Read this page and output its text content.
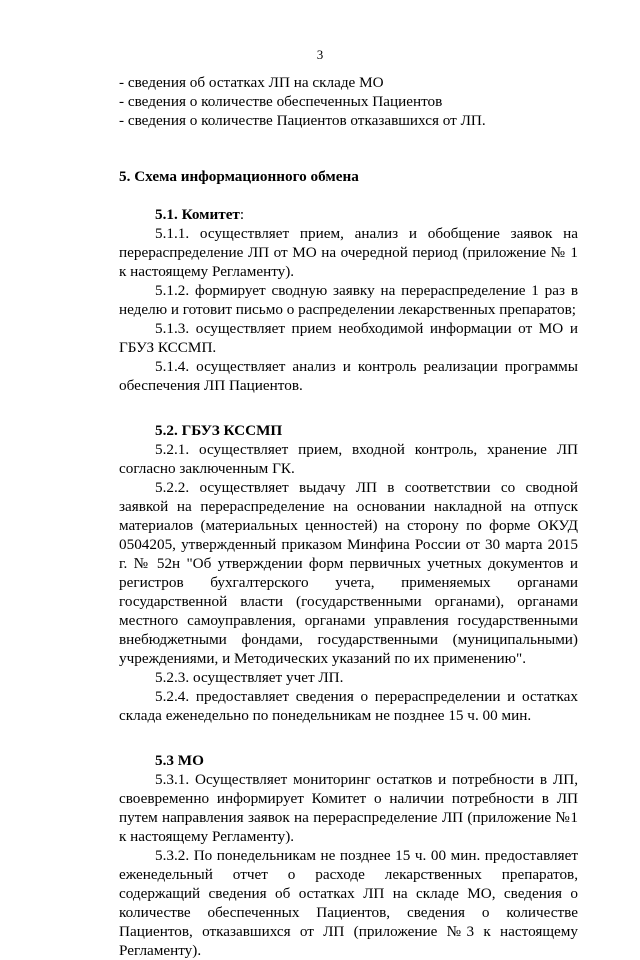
3
- сведения об остатках ЛП на складе МО
- сведения о количестве обеспеченных Пациентов
- сведения о количестве Пациентов отказавшихся от ЛП.
5. Схема информационного обмена
5.1. Комитет:
5.1.1. осуществляет прием, анализ и обобщение заявок на перераспределение ЛП от МО на очередной период (приложение № 1 к настоящему Регламенту).
5.1.2. формирует сводную заявку на перераспределение 1 раз в неделю и готовит письмо о распределении лекарственных препаратов;
5.1.3. осуществляет прием необходимой информации от МО и ГБУЗ КССМП.
5.1.4. осуществляет анализ и контроль реализации программы обеспечения ЛП Пациентов.
5.2. ГБУЗ КССМП
5.2.1. осуществляет прием, входной контроль, хранение ЛП согласно заключенным ГК.
5.2.2. осуществляет выдачу ЛП в соответствии со сводной заявкой на перераспределение на основании накладной на отпуск материалов (материальных ценностей) на сторону по форме ОКУД 0504205, утвержденный приказом Минфина России от 30 марта 2015 г. № 52н "Об утверждении форм первичных учетных документов и регистров бухгалтерского учета, применяемых органами государственной власти (государственными органами), органами местного самоуправления, органами управления государственными внебюджетными фондами, государственными (муниципальными) учреждениями, и Методических указаний по их применению".
5.2.3. осуществляет учет ЛП.
5.2.4. предоставляет сведения о перераспределении и остатках склада еженедельно по понедельникам не позднее 15 ч. 00 мин.
5.3 МО
5.3.1. Осуществляет мониторинг остатков и потребности в ЛП, своевременно информирует Комитет о наличии потребности в ЛП путем направления заявок на перераспределение ЛП (приложение №1 к настоящему Регламенту).
5.3.2. По понедельникам не позднее 15 ч. 00 мин. предоставляет еженедельный отчет о расходе лекарственных препаратов, содержащий сведения об остатках ЛП на складе МО, сведения о количестве обеспеченных Пациентов, сведения о количестве Пациентов, отказавшихся от ЛП (приложение №3 к настоящему Регламенту).
